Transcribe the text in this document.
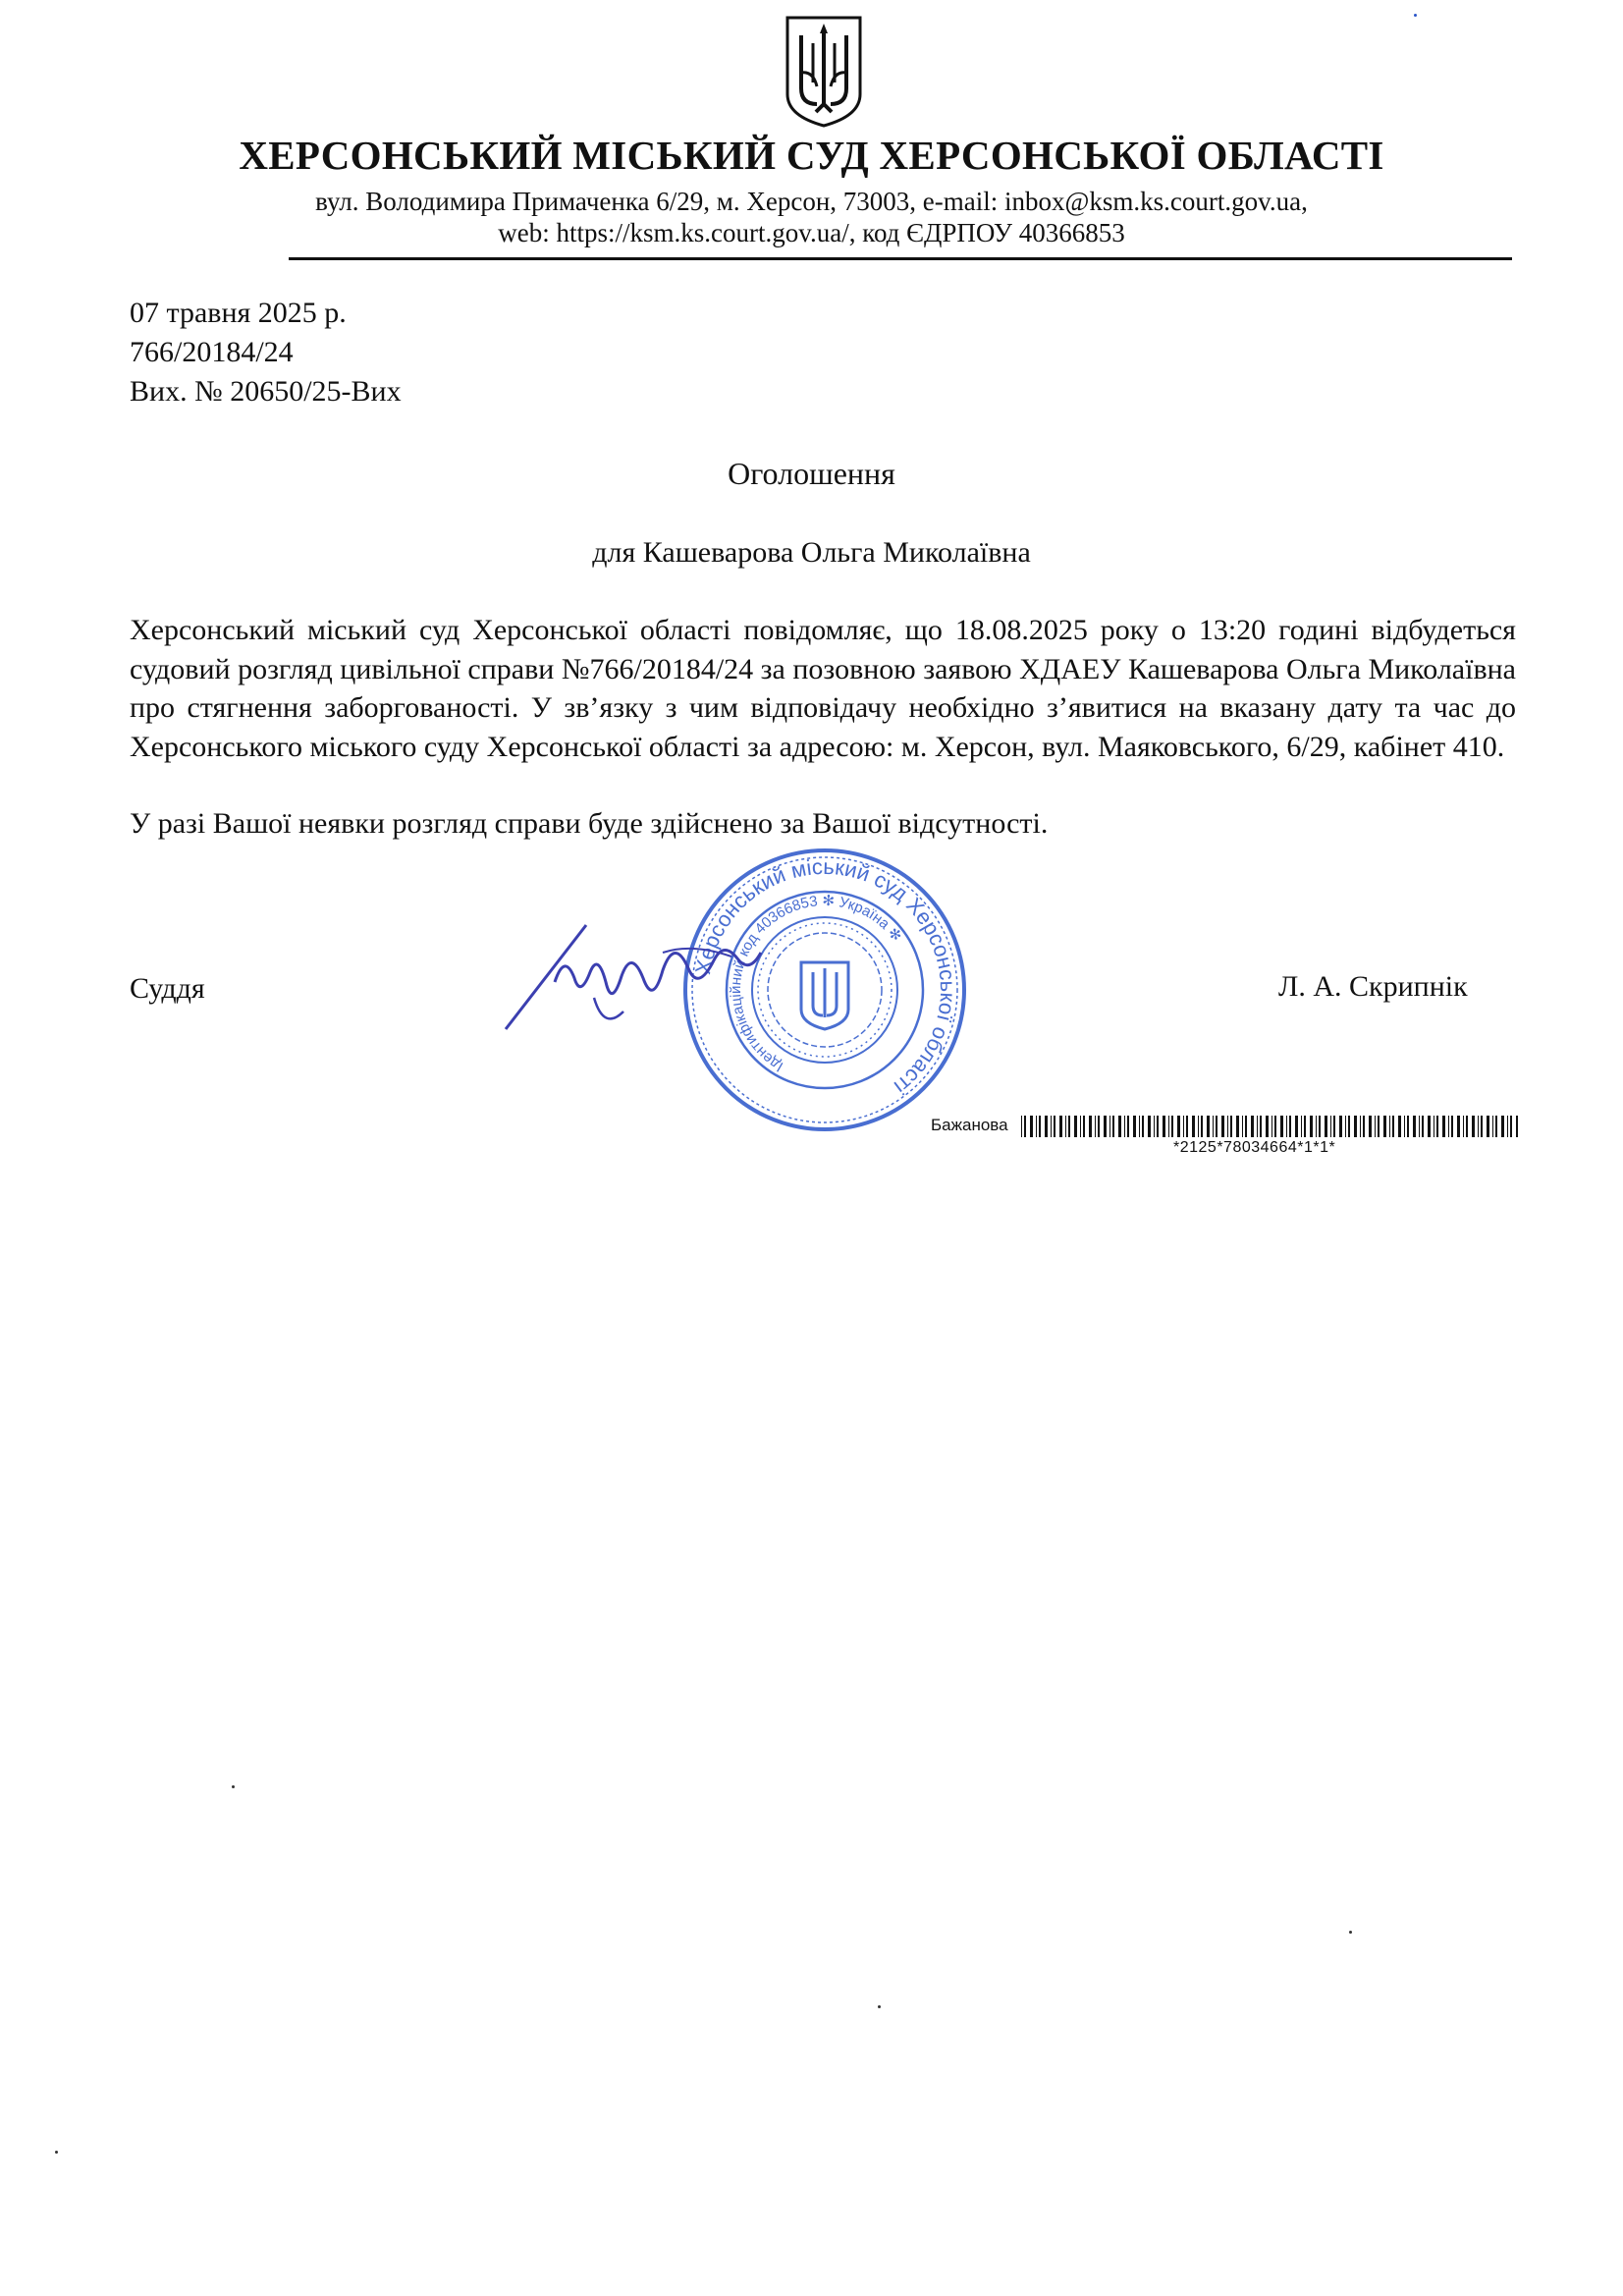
ХЕРСОНСЬКИЙ МІСЬКИЙ СУД ХЕРСОНСЬКОЇ ОБЛАСТІ
вул. Володимира Примаченка 6/29, м. Херсон, 73003, e-mail: inbox@ksm.ks.court.gov.ua,
web: https://ksm.ks.court.gov.ua/, код ЄДРПОУ 40366853
07 травня 2025 р.
766/20184/24
Вих. № 20650/25-Вих
Оголошення
для Кашеварова Ольга Миколаївна
Херсонський міський суд Херсонської області повідомляє, що 18.08.2025 року о 13:20 годині відбудеться судовий розгляд цивільної справи №766/20184/24 за позовною заявою ХДАЕУ Кашеварова Ольга Миколаївна про стягнення заборгованості. У зв’язку з чим відповідачу необхідно з’явитися на вказану дату та час до Херсонського міського суду Херсонської області за адресою: м. Херсон, вул. Маяковського, 6/29, кабінет 410.
У разі Вашої неявки розгляд справи буде здійснено за Вашої відсутності.
Херсонський міський суд Херсонської області
Ідентифікаційний код 40366853 ✻ Україна ✻
Суддя	Л. А. Скрипнік
Бажанова
*2125*78034664*1*1*
